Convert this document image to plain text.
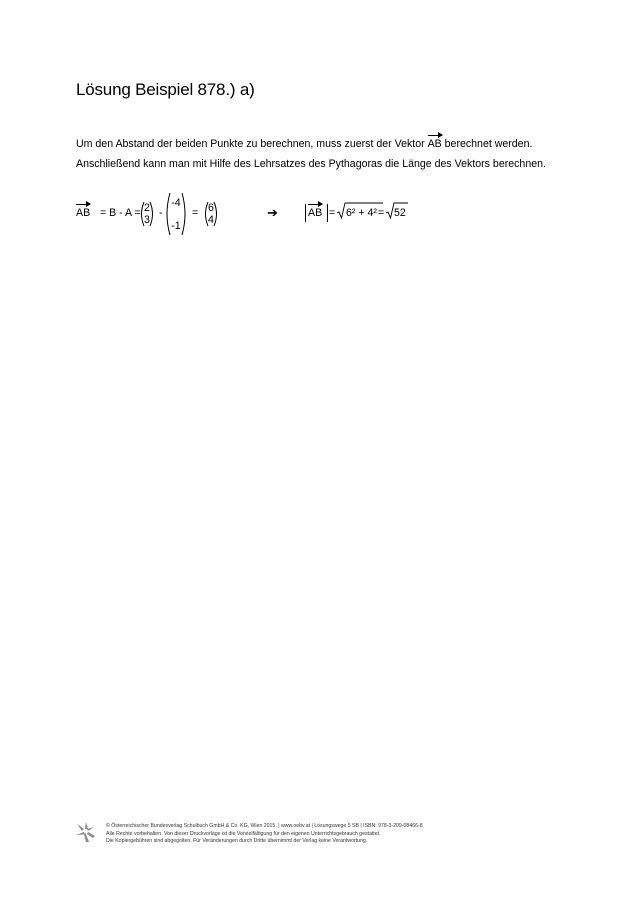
Lösung Beispiel 878.) a)

Um den Abstand der beiden Punkte zu berechnen, muss zuerst der Vektor AB berechnet werden.

Anschließend kann man mit Hilfe des Lehrsatzes des Pythagoras die Länge des Vektors berechnen.

AB = B - A = 2
3
-
-4
-1
= 6
4	➔	AB = 6² + 4² = 52
© Österreichischer Bundesverlag Schulbuch GmbH & Co. KG, Wien 2015. | www.oebv.at | Lösungswege 5 SB | ISBN: 978-3-209-08466-8
Alle Rechte vorbehalten. Von dieser Druckvorlage ist die Vervielfältigung für den eigenen Unterrichtsgebrauch gestattet.
Die Kopiergebühren sind abgegolten. Für Veränderungen durch Dritte übernimmt der Verlag keine Verantwortung.
